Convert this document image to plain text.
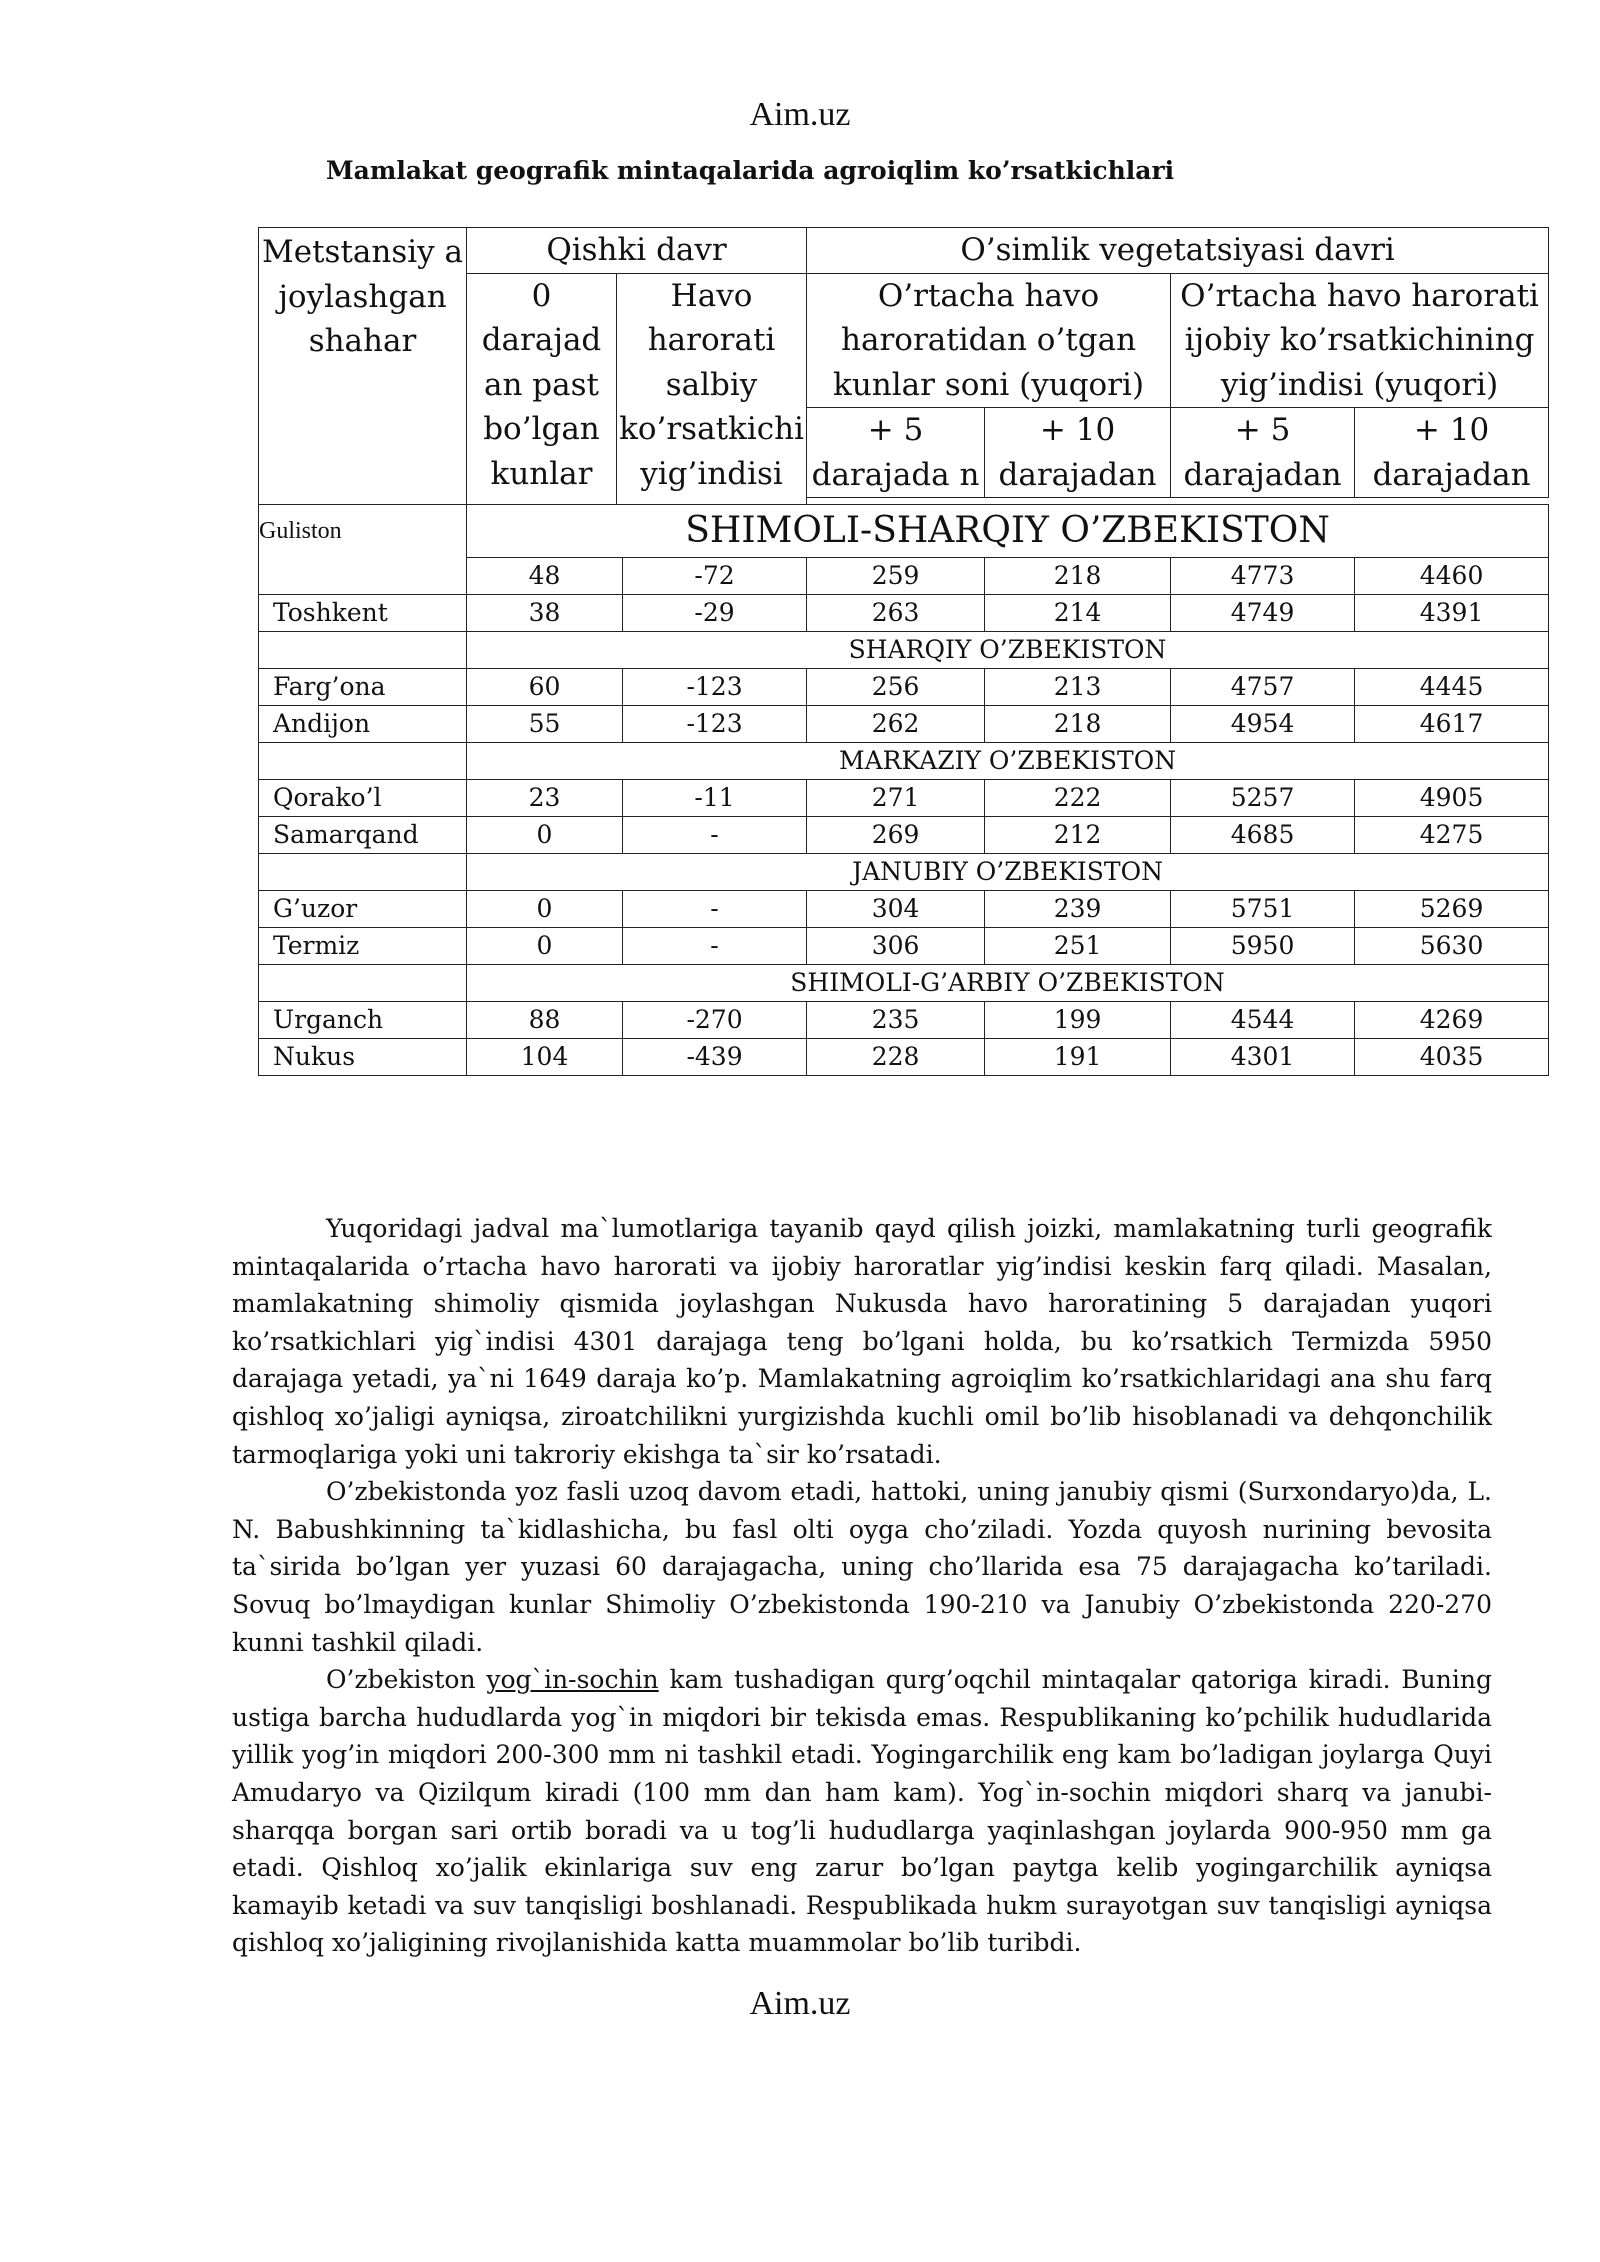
Aim.uz
Mamlakat geografik mintaqalarida agroiqlim ko’rsatkichlari
Metstansiy a joylashgan shahar	Qishki davr			O’simlik vegetatsiyasi davri			
	0 darajad an past bo’lgan kunlar	Havo harorati salbiy ko’rsatkichi yig’indisi		O’rtacha havo haroratidan o’tgan kunlar soni (yuqori)		O’rtacha havo harorati ijobiy ko’rsatkichining yig’indisi (yuqori)	
				+ 5 darajada n	+ 10 darajadan	+ 5 darajadan	+ 10 darajadan

Guliston	SHIMOLI-SHARQIY O’ZBEKISTON						
	48		-72	259	218	4773	4460
Toshkent	38		-29	263	214	4749	4391
	SHARQIY O’ZBEKISTON						
Farg’ona	60		-123	256	213	4757	4445
Andijon	55		-123	262	218	4954	4617
	MARKAZIY O’ZBEKISTON						
Qorako’l	23		-11	271	222	5257	4905
Samarqand	0		-	269	212	4685	4275
	JANUBIY O’ZBEKISTON						
G’uzor	0		-	304	239	5751	5269
Termiz	0		-	306	251	5950	5630
	SHIMOLI-G’ARBIY O’ZBEKISTON						
Urganch	88		-270	235	199	4544	4269
Nukus	104		-439	228	191	4301	4035

Yuqoridagi jadval ma`lumotlariga tayanib qayd qilish joizki, mamlakatning turli geografik mintaqalarida o’rtacha havo harorati va ijobiy haroratlar yig’indisi keskin farq qiladi. Masalan, mamlakatning shimoliy qismida joylashgan Nukusda havo haroratining 5 darajadan yuqori ko’rsatkichlari yig`indisi 4301 darajaga teng bo’lgani holda, bu ko’rsatkich Termizda 5950 darajaga yetadi, ya`ni 1649 daraja ko’p. Mamlakatning agroiqlim ko’rsatkichlaridagi ana shu farq qishloq xo’jaligi ayniqsa, ziroatchilikni yurgizishda kuchli omil bo’lib hisoblanadi va dehqonchilik tarmoqlariga yoki uni takroriy ekishga ta`sir ko’rsatadi.

O’zbekistonda yoz fasli uzoq davom etadi, hattoki, uning janubiy qismi (Surxondaryo)da, L. N. Babushkinning ta`kidlashicha, bu fasl olti oyga cho’ziladi. Yozda quyosh nurining bevosita ta`sirida bo’lgan yer yuzasi 60 darajagacha, uning cho’llarida esa 75 darajagacha ko’tariladi. Sovuq bo’lmaydigan kunlar Shimoliy O’zbekistonda 190-210 va Janubiy O’zbekistonda 220-270 kunni tashkil qiladi.

O’zbekiston yog`in-sochin kam tushadigan qurg’oqchil mintaqalar qatoriga kiradi. Buning ustiga barcha hududlarda yog`in miqdori bir tekisda emas. Respublikaning ko’pchilik hududlarida yillik yog’in miqdori 200-300 mm ni tashkil etadi. Yogingarchilik eng kam bo’ladigan joylarga Quyi Amudaryo va Qizilqum kiradi (100 mm dan ham kam). Yog`in-sochin miqdori sharq va janubi-sharqqa borgan sari ortib boradi va u tog’li hududlarga yaqinlashgan joylarda 900-950 mm ga etadi. Qishloq xo’jalik ekinlariga suv eng zarur bo’lgan paytga kelib yogingarchilik ayniqsa kamayib ketadi va suv tanqisligi boshlanadi. Respublikada hukm surayotgan suv tanqisligi ayniqsa qishloq xo’jaligining rivojlanishida katta muammolar bo’lib turibdi.

Aim.uz
